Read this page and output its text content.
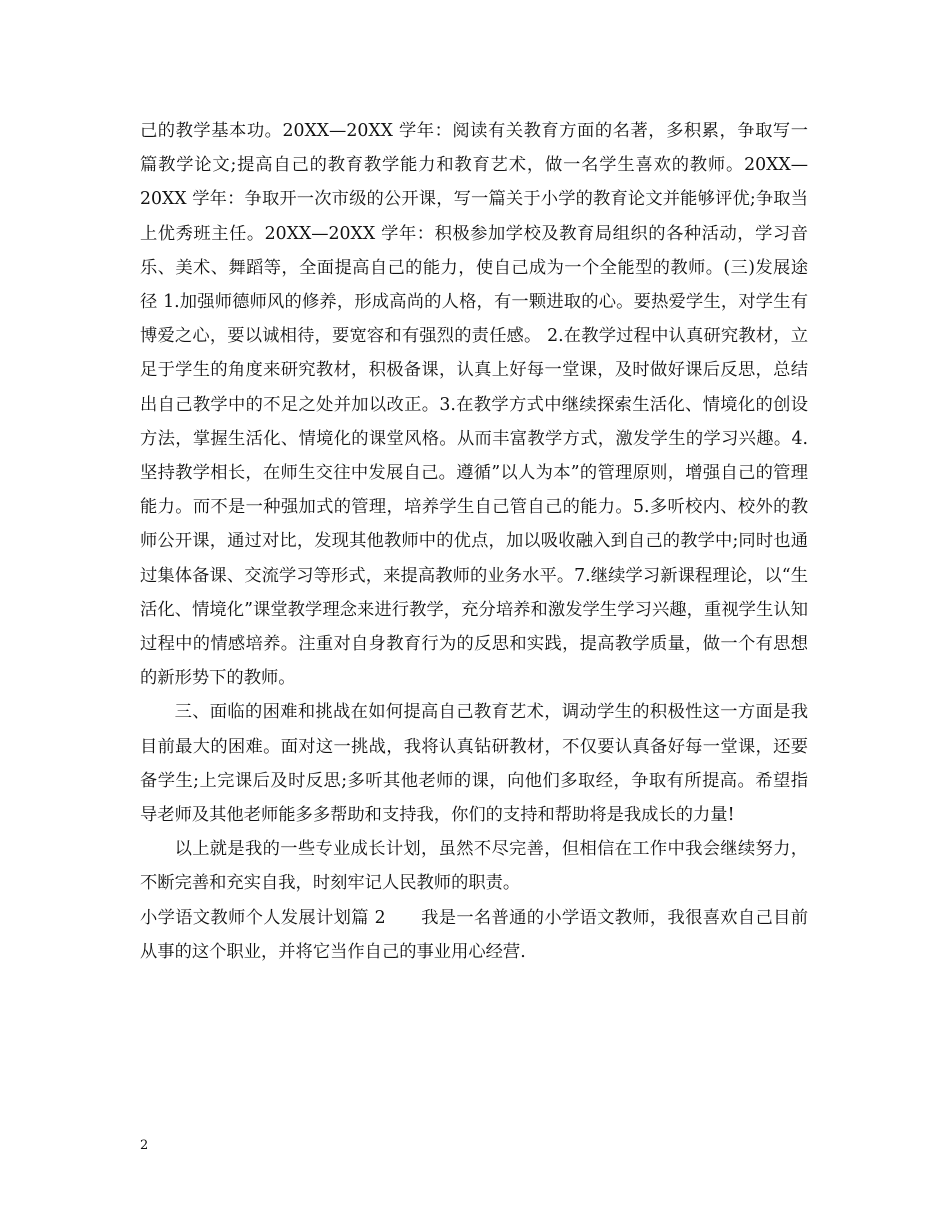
己的教学基本功。20XX—20XX 学年：阅读有关教育方面的名著，多积累，争取写一篇教学论文;提高自己的教育教学能力和教育艺术，做一名学生喜欢的教师。20XX—20XX 学年：争取开一次市级的公开课，写一篇关于小学的教育论文并能够评优;争取当上优秀班主任。20XX—20XX 学年：积极参加学校及教育局组织的各种活动，学习音乐、美术、舞蹈等，全面提高自己的能力，使自己成为一个全能型的教师。(三)发展途径 1.加强师德师风的修养，形成高尚的人格，有一颗进取的心。要热爱学生，对学生有博爱之心，要以诚相待，要宽容和有强烈的责任感。 2.在教学过程中认真研究教材，立足于学生的角度来研究教材，积极备课，认真上好每一堂课，及时做好课后反思，总结出自己教学中的不足之处并加以改正。3.在教学方式中继续探索生活化、情境化的创设方法，掌握生活化、情境化的课堂风格。从而丰富教学方式，激发学生的学习兴趣。4.坚持教学相长，在师生交往中发展自己。遵循”以人为本”的管理原则，增强自己的管理能力。而不是一种强加式的管理，培养学生自己管自己的能力。5.多听校内、校外的教师公开课，通过对比，发现其他教师中的优点，加以吸收融入到自己的教学中;同时也通过集体备课、交流学习等形式，来提高教师的业务水平。7.继续学习新课程理论，以“生活化、情境化”课堂教学理念来进行教学，充分培养和激发学生学习兴趣，重视学生认知过程中的情感培养。注重对自身教育行为的反思和实践，提高教学质量，做一个有思想的新形势下的教师。

三、面临的困难和挑战在如何提高自己教育艺术，调动学生的积极性这一方面是我目前最大的困难。面对这一挑战，我将认真钻研教材，不仅要认真备好每一堂课，还要备学生;上完课后及时反思;多听其他老师的课，向他们多取经，争取有所提高。希望指导老师及其他老师能多多帮助和支持我，你们的支持和帮助将是我成长的力量!

以上就是我的一些专业成长计划，虽然不尽完善，但相信在工作中我会继续努力，不断完善和充实自我，时刻牢记人民教师的职责。

小学语文教师个人发展计划篇 2　　我是一名普通的小学语文教师，我很喜欢自己目前从事的这个职业，并将它当作自己的事业用心经营.

2
